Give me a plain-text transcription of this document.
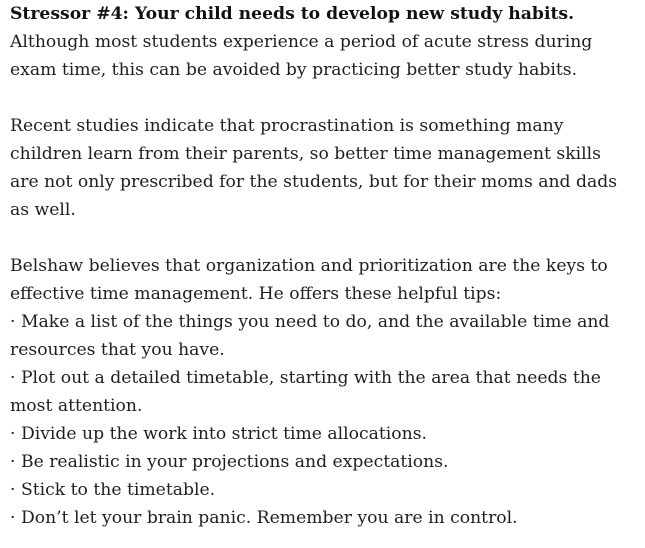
Stressor #4: Your child needs to develop new study habits.

Although most students experience a period of acute stress during exam time, this can be avoided by practicing better study habits.

Recent studies indicate that procrastination is something many children learn from their parents, so better time management skills are not only prescribed for the students, but for their moms and dads as well.

Belshaw believes that organization and prioritization are the keys to effective time management. He offers these helpful tips:

· Make a list of the things you need to do, and the available time and resources that you have.
· Plot out a detailed timetable, starting with the area that needs the most attention.
· Divide up the work into strict time allocations.
· Be realistic in your projections and expectations.
· Stick to the timetable.
· Don’t let your brain panic. Remember you are in control.
